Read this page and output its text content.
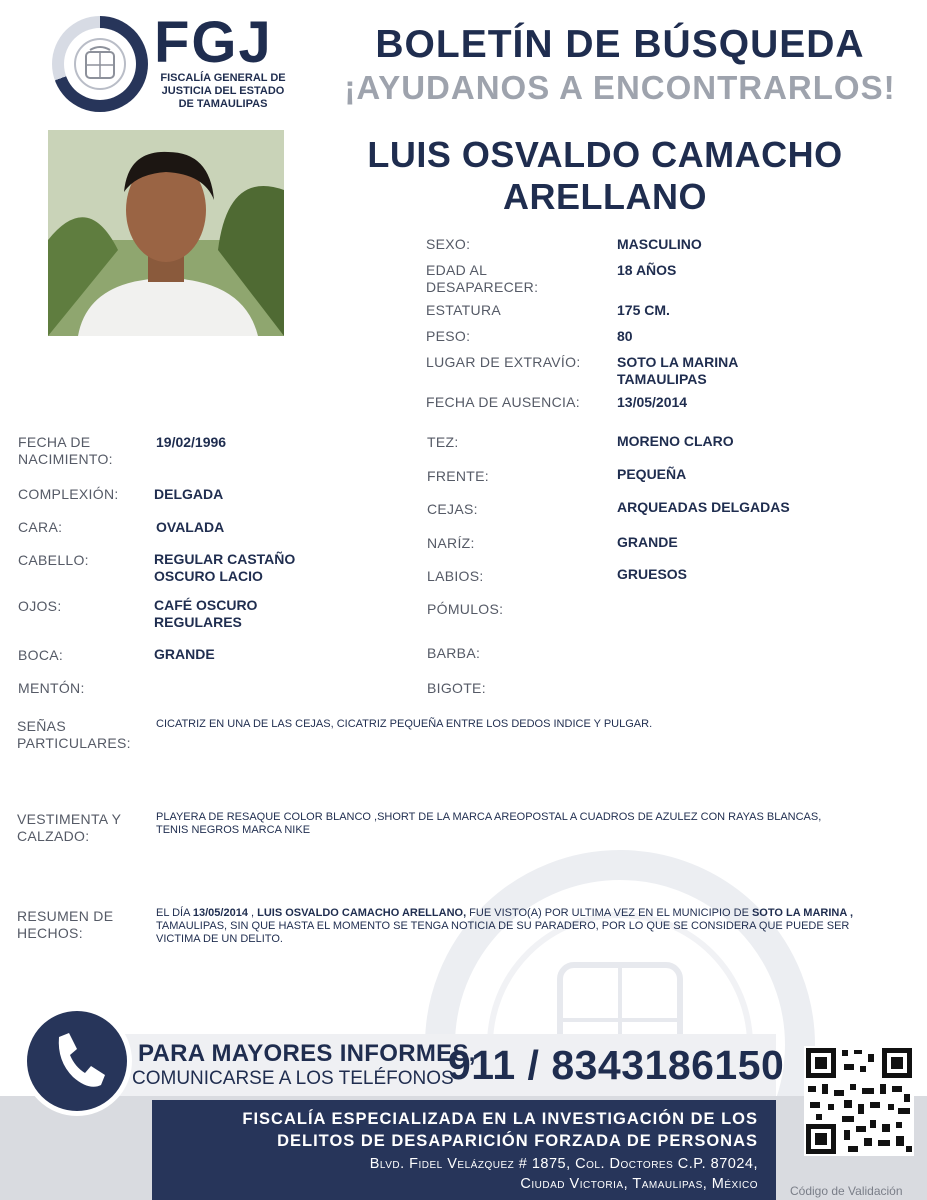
FGJ
FISCALÍA GENERAL DE
JUSTICIA DEL ESTADO
DE TAMAULIPAS
BOLETÍN DE BÚSQUEDA
¡AYUDANOS A ENCONTRARLOS!
LUIS OSVALDO CAMACHO
ARELLANO
SEXO:	MASCULINO
EDAD AL
DESAPARECER:
18 AÑOS
ESTATURA	175 CM.
PESO:	80
LUGAR DE EXTRAVÍO:	SOTO LA MARINA
TAMAULIPAS
FECHA DE AUSENCIA:	13/05/2014
FECHA DE
NACIMIENTO:
19/02/1996
COMPLEXIÓN:	DELGADA
CARA:	OVALADA
CABELLO:	REGULAR CASTAÑO
OSCURO LACIO
OJOS:	CAFÉ OSCURO
REGULARES
BOCA:	GRANDE
MENTÓN:
TEZ:	MORENO CLARO
FRENTE:	PEQUEÑA
CEJAS:	ARQUEADAS DELGADAS
NARÍZ:	GRANDE
LABIOS:	GRUESOS
PÓMULOS:
BARBA:
BIGOTE:
SEÑAS
PARTICULARES:
CICATRIZ EN UNA DE LAS CEJAS, CICATRIZ PEQUEÑA ENTRE LOS DEDOS INDICE Y PULGAR.
VESTIMENTA Y
CALZADO:
PLAYERA DE RESAQUE COLOR BLANCO ,SHORT DE LA MARCA AREOPOSTAL A CUADROS DE AZULEZ CON RAYAS BLANCAS, TENIS NEGROS MARCA NIKE
RESUMEN DE
HECHOS:
EL DÍA 13/05/2014 , LUIS OSVALDO CAMACHO ARELLANO, FUE VISTO(A) POR ULTIMA VEZ EN EL MUNICIPIO DE SOTO LA MARINA , TAMAULIPAS, SIN QUE HASTA EL MOMENTO SE TENGA NOTICIA DE SU PARADERO, POR LO QUE SE CONSIDERA QUE PUEDE SER VICTIMA DE UN DELITO.
PARA MAYORES INFORMES,
COMUNICARSE A LOS TELÉFONOS
911 / 8343186150
FISCALÍA ESPECIALIZADA EN LA INVESTIGACIÓN DE LOS
DELITOS DE DESAPARICIÓN FORZADA DE PERSONAS
Blvd. Fidel Velázquez # 1875, Col. Doctores C.P. 87024,
Ciudad Victoria, Tamaulipas, México	Código de Validación
